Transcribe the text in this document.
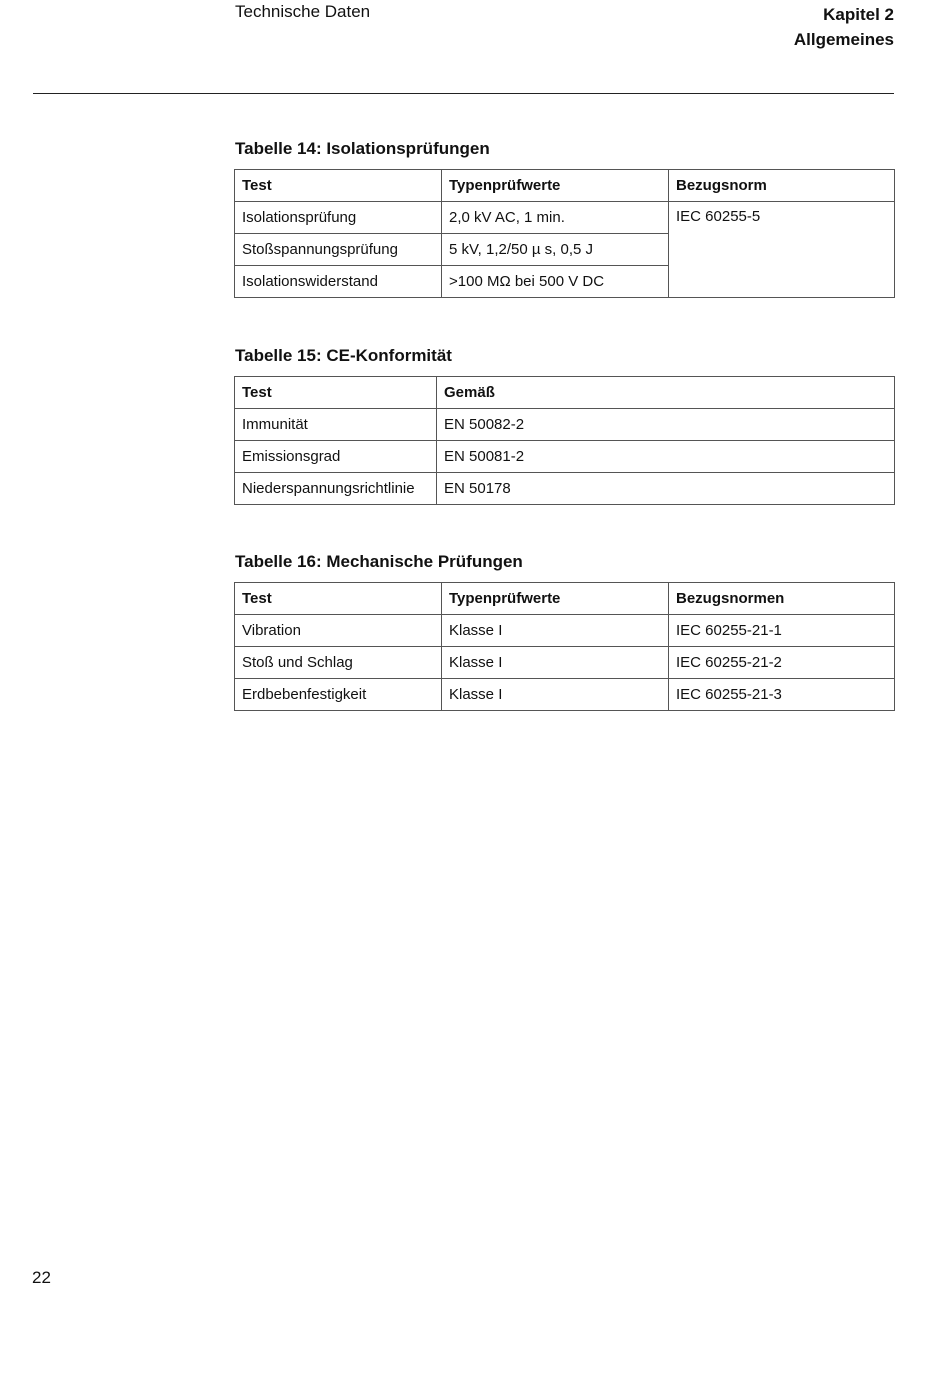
Technische Daten	Kapitel 2
Allgemeines
Tabelle 14: Isolationsprüfungen
Test	Typenprüfwerte	Bezugsnorm
Isolationsprüfung	2,0 kV AC, 1 min.	IEC 60255-5
Stoßspannungsprüfung	5 kV, 1,2/50 µ s, 0,5 J	
Isolationswiderstand	>100 MΩ bei 500 V DC	
Tabelle 15: CE-Konformität
Test	Gemäß
Immunität	EN 50082-2
Emissionsgrad	EN 50081-2
Niederspannungsrichtlinie	EN 50178
Tabelle 16: Mechanische Prüfungen
Test	Typenprüfwerte	Bezugsnormen
Vibration	Klasse I	IEC 60255-21-1
Stoß und Schlag	Klasse I	IEC 60255-21-2
Erdbebenfestigkeit	Klasse I	IEC 60255-21-3
22
